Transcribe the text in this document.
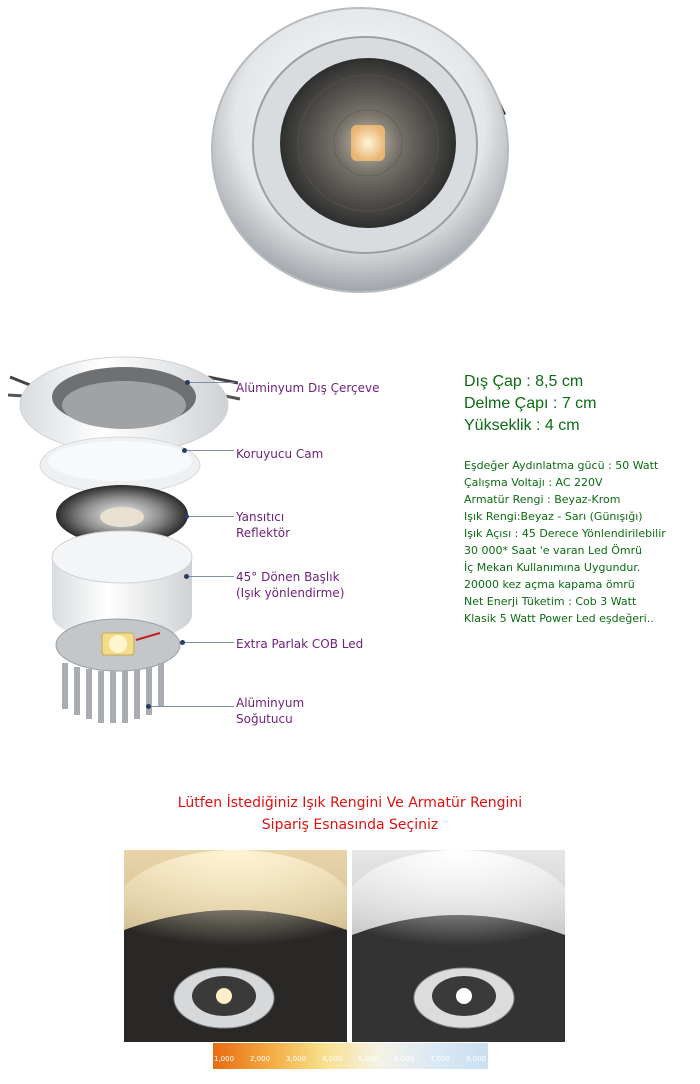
Alüminyum Dış Çerçeve
Koruyucu Cam
Yansıtıcı
Reflektör
45° Dönen Başlık
(Işık yönlendirme)
Extra Parlak COB Led
Alüminyum
Soğutucu
Dış Çap : 8,5 cm
Delme Çapı : 7 cm
Yükseklik : 4 cm
Eşdeğer Aydınlatma gücü : 50 Watt
Çalışma Voltajı : AC 220V
Armatür Rengi : Beyaz-Krom
Işık Rengi:Beyaz - Sarı (Günışığı)
Işık Açısı : 45 Derece Yönlendirilebilir
30 000* Saat 'e varan Led Ömrü
İç Mekan Kullanımına Uygundur.
20000 kez açma kapama ömrü
Net Enerji Tüketim : Cob 3 Watt
Klasik 5 Watt Power Led eşdeğeri..
Lütfen İstediğiniz Işık Rengini Ve Armatür Rengini
Sipariş Esnasında Seçiniz
1,000 2,000 3,000 4,000 5,000 6,000 7,000 8,000
